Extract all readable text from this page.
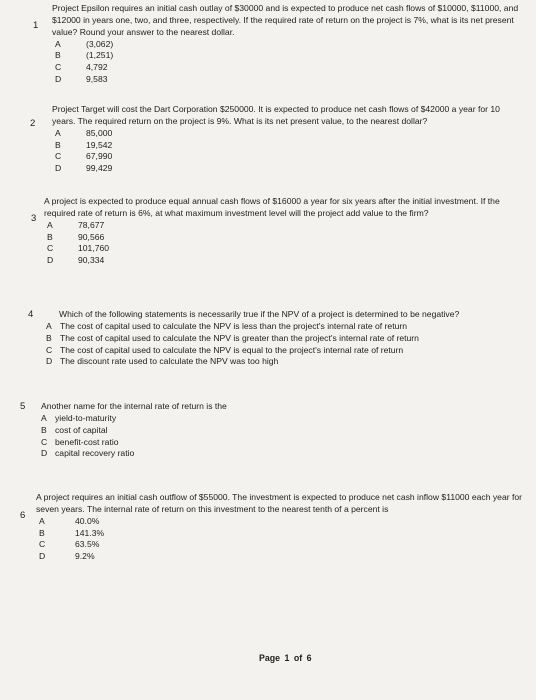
1
Project Epsilon requires an initial cash outlay of $30000 and is expected to produce net cash flows of $10000, $11000, and $12000 in years one, two, and three, respectively. If the required rate of return on the project is 7%, what is its net present value? Round your answer to the nearest dollar.
A	(3,062)
B	(1,251)
C	4,792
D	9,583
2
Project Target will cost the Dart Corporation $250000. It is expected to produce net cash flows of $42000 a year for 10 years. The required return on the project is 9%. What is its net present value, to the nearest dollar?
A	85,000
B	19,542
C	67,990
D	99,429
3
A project is expected to produce equal annual cash flows of $16000 a year for six years after the initial investment. If the required rate of return is 6%, at what maximum investment level will the project add value to the firm?
A	78,677
B	90,566
C	101,760
D	90,334
4	Which of the following statements is necessarily true if the NPV of a project is determined to be negative?
A The cost of capital used to calculate the NPV is less than the project's internal rate of return
B The cost of capital used to calculate the NPV is greater than the project's internal rate of return
C The cost of capital used to calculate the NPV is equal to the project's internal rate of return
D The discount rate used to calculate the NPV was too high
5 Another name for the internal rate of return is the
A yield-to-maturity
B cost of capital
C benefit-cost ratio
D capital recovery ratio
6
A project requires an initial cash outflow of $55000. The investment is expected to produce net cash inflow $11000 each year for seven years. The internal rate of return on this investment to the nearest tenth of a percent is
A	40.0%
B	141.3%
C	63.5%
D	9.2%
Page 1 of 6
